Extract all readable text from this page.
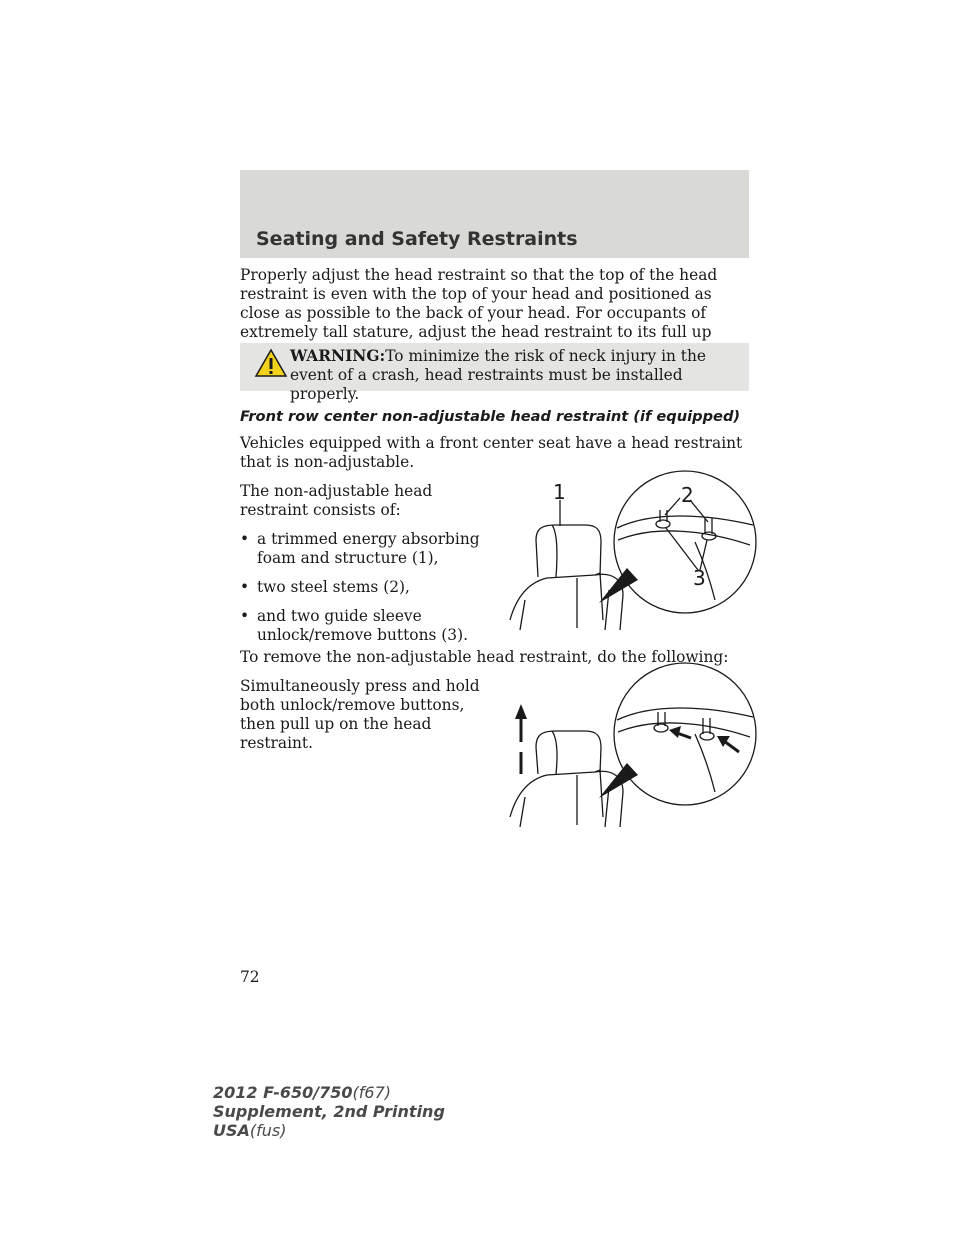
Seating and Safety Restraints

Properly adjust the head restraint so that the top of the head restraint is even with the top of your head and positioned as close as possible to the back of your head. For occupants of extremely tall stature, adjust the head restraint to its full up

WARNING:To minimize the risk of neck injury in the event of a crash, head restraints must be installed properly.
Front row center non-adjustable head restraint (if equipped)

Vehicles equipped with a front center seat have a head restraint that is non-adjustable.

The non-adjustable head restraint consists of:

• a trimmed energy absorbing foam and structure (1),
• two steel stems (2),
• and two guide sleeve unlock/remove buttons (3).
1	2
3

To remove the non-adjustable head restraint, do the following:

Simultaneously press and hold both unlock/remove buttons, then pull up on the head restraint.

72
2012 F-650/750(f67)
Supplement, 2nd Printing
USA(fus)
